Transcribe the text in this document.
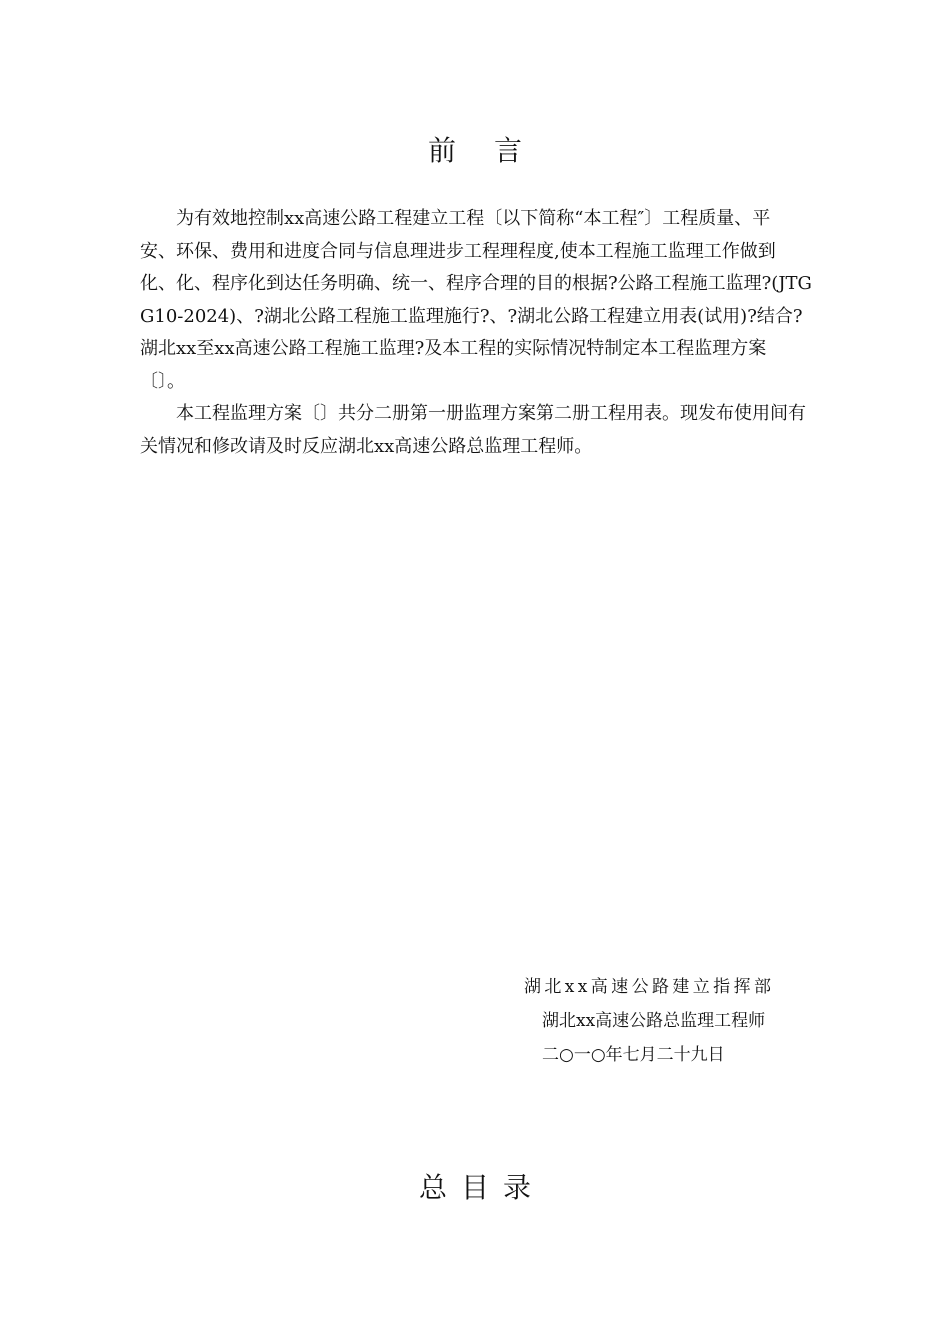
前 言
为有效地控制xx高速公路工程建立工程〔以下简称“本工程″〕工程质量、平
安、环保、费用和进度合同与信息理进步工程理程度,使本工程施工监理工作做到
化、化、程序化到达任务明确、统一、程序合理的目的根据?公路工程施工监理?(JTG
G10-2024)、?湖北公路工程施工监理施行?、?湖北公路工程建立用表(试用)?结合?
湖北xx至xx高速公路工程施工监理?及本工程的实际情况特制定本工程监理方案
〔〕。
本工程监理方案〔〕共分二册第一册监理方案第二册工程用表。现发布使用间有
关情况和修改请及时反应湖北xx高速公路总监理工程师。
湖北xx高速公路建立指挥部
湖北xx高速公路总监理工程师
二○一○年七月二十九日
总 目 录
